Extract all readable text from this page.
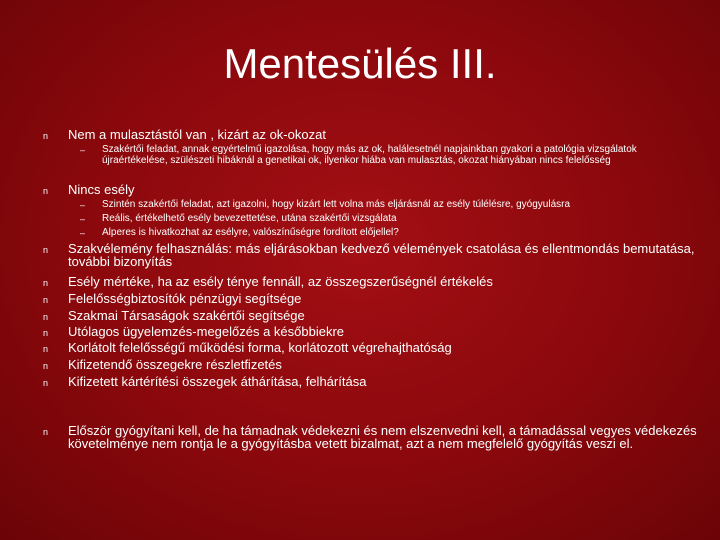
Mentesülés III.
n Nem a mulasztástól van , kizárt az ok-okozat
– Szakértői feladat, annak egyértelmű igazolása, hogy más az ok, halálesetnél napjainkban gyakori a patológia vizsgálatok újraértékelése, szülészeti hibáknál a genetikai ok, ilyenkor hiába van mulasztás, okozat hiányában nincs felelősség
n Nincs esély
– Szintén szakértői feladat, azt igazolni, hogy kizárt lett volna más eljárásnál az esély túlélésre, gyógyulásra
– Reális, értékelhető esély bevezettetése, utána szakértői vizsgálata
– Alperes is hivatkozhat az esélyre, valószínűségre fordított előjellel?
n Szakvélemény felhasználás: más eljárásokban kedvező vélemények csatolása és ellentmondás bemutatása, további bizonyítás
n Esély mértéke, ha az esély ténye fennáll, az összegszerűségnél értékelés
n Felelősségbiztosítók pénzügyi segítsége
n Szakmai Társaságok szakértői segítsége
n Utólagos ügyelemzés-megelőzés a későbbiekre
n Korlátolt felelősségű működési forma, korlátozott végrehajthatóság
n Kifizetendő összegekre részletfizetés
n Kifizetett kártérítési összegek áthárítása, felhárítása
n Először gyógyítani kell, de ha támadnak védekezni és nem elszenvedni kell, a támadással vegyes védekezés követelménye nem rontja le a gyógyításba vetett bizalmat, azt a nem megfelelő gyógyítás veszi el.
